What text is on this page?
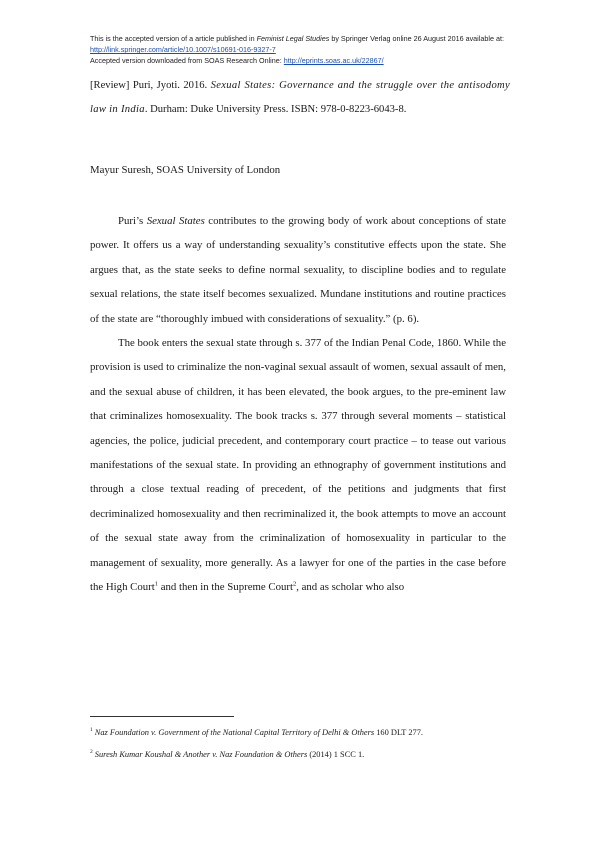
This is the accepted version of a article published in Feminist Legal Studies by Springer Verlag online 26 August 2016 available at: http://link.springer.com/article/10.1007/s10691-016-9327-7
Accepted version downloaded from SOAS Research Online: http://eprints.soas.ac.uk/22867/
[Review] Puri, Jyoti. 2016. Sexual States: Governance and the struggle over the antisodomy law in India. Durham: Duke University Press. ISBN: 978-0-8223-6043-8.
Mayur Suresh, SOAS University of London

Puri’s Sexual States contributes to the growing body of work about conceptions of state power. It offers us a way of understanding sexuality’s constitutive effects upon the state. She argues that, as the state seeks to define normal sexuality, to discipline bodies and to regulate sexual relations, the state itself becomes sexualized. Mundane institutions and routine practices of the state are “thoroughly imbued with considerations of sexuality.” (p. 6).

The book enters the sexual state through s. 377 of the Indian Penal Code, 1860. While the provision is used to criminalize the non-vaginal sexual assault of women, sexual assault of men, and the sexual abuse of children, it has been elevated, the book argues, to the pre-eminent law that criminalizes homosexuality. The book tracks s. 377 through several moments – statistical agencies, the police, judicial precedent, and contemporary court practice – to tease out various manifestations of the sexual state. In providing an ethnography of government institutions and through a close textual reading of precedent, of the petitions and judgments that first decriminalized homosexuality and then recriminalized it, the book attempts to move an account of the sexual state away from the criminalization of homosexuality in particular to the management of sexuality, more generally. As a lawyer for one of the parties in the case before the High Court$^1$ and then in the Supreme Court$^2$, and as scholar who also

$^1$ Naz Foundation v. Government of the National Capital Territory of Delhi & Others 160 DLT 277.
$^2$ Suresh Kumar Koushal & Another v. Naz Foundation & Others (2014) 1 SCC 1.
